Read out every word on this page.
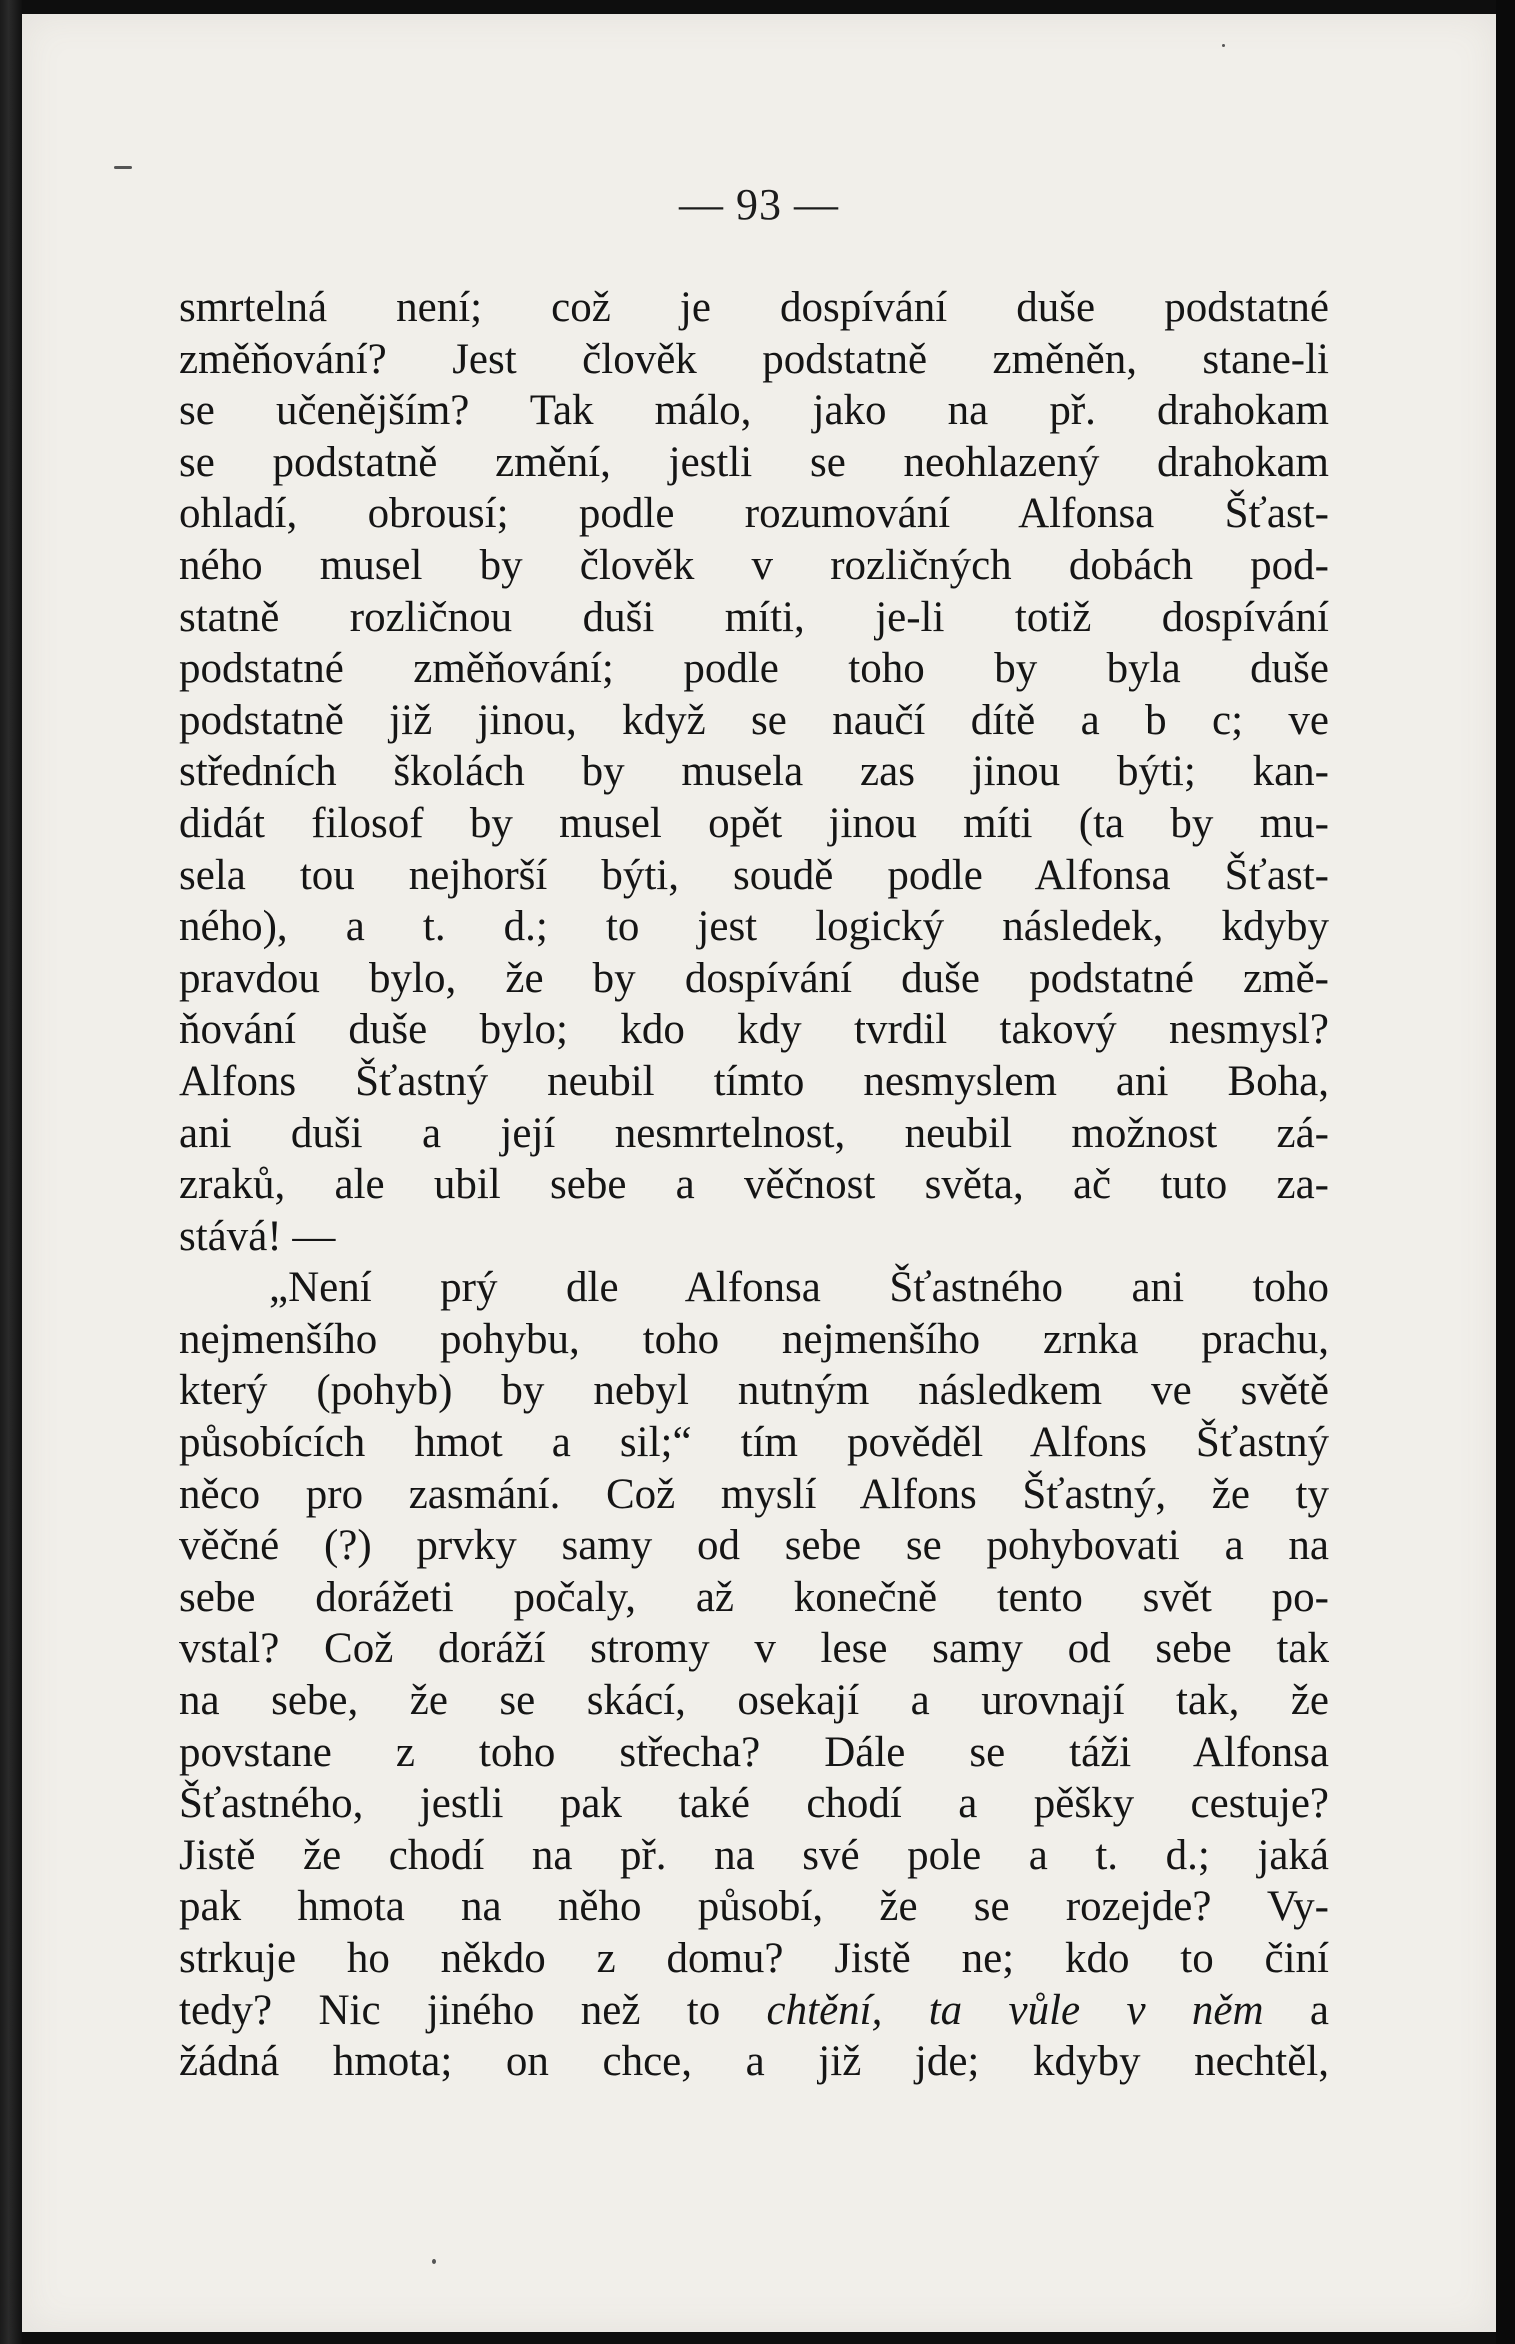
— 93 —
smrtelná není; což je dospívání duše podstatné
změňování? Jest člověk podstatně změněn, stane-li
se učenějším? Tak málo, jako na př. drahokam
se podstatně změní, jestli se neohlazený drahokam
ohladí, obrousí; podle rozumování Alfonsa Šťast-
ného musel by člověk v rozličných dobách pod-
statně rozličnou duši míti, je-li totiž dospívání
podstatné změňování; podle toho by byla duše
podstatně již jinou, když se naučí dítě a b c; ve
středních školách by musela zas jinou býti; kan-
didát filosof by musel opět jinou míti (ta by mu-
sela tou nejhorší býti, soudě podle Alfonsa Šťast-
ného), a t. d.; to jest logický následek, kdyby
pravdou bylo, že by dospívání duše podstatné změ-
ňování duše bylo; kdo kdy tvrdil takový nesmysl?
Alfons Šťastný neubil tímto nesmyslem ani Boha,
ani duši a její nesmrtelnost, neubil možnost zá-
zraků, ale ubil sebe a věčnost světa, ač tuto za-
stává! —
„Není prý dle Alfonsa Šťastného ani toho
nejmenšího pohybu, toho nejmenšího zrnka prachu,
který (pohyb) by nebyl nutným následkem ve světě
působících hmot a sil;“ tím pověděl Alfons Šťastný
něco pro zasmání. Což myslí Alfons Šťastný, že ty
věčné (?) prvky samy od sebe se pohybovati a na
sebe dorážeti počaly, až konečně tento svět po-
vstal? Což doráží stromy v lese samy od sebe tak
na sebe, že se skácí, osekají a urovnají tak, že
povstane z toho střecha? Dále se táži Alfonsa
Šťastného, jestli pak také chodí a pěšky cestuje?
Jistě že chodí na př. na své pole a t. d.; jaká
pak hmota na něho působí, že se rozejde? Vy-
strkuje ho někdo z domu? Jistě ne; kdo to činí
tedy? Nic jiného než to chtění, ta vůle v něm a
žádná hmota; on chce, a již jde; kdyby nechtěl,
